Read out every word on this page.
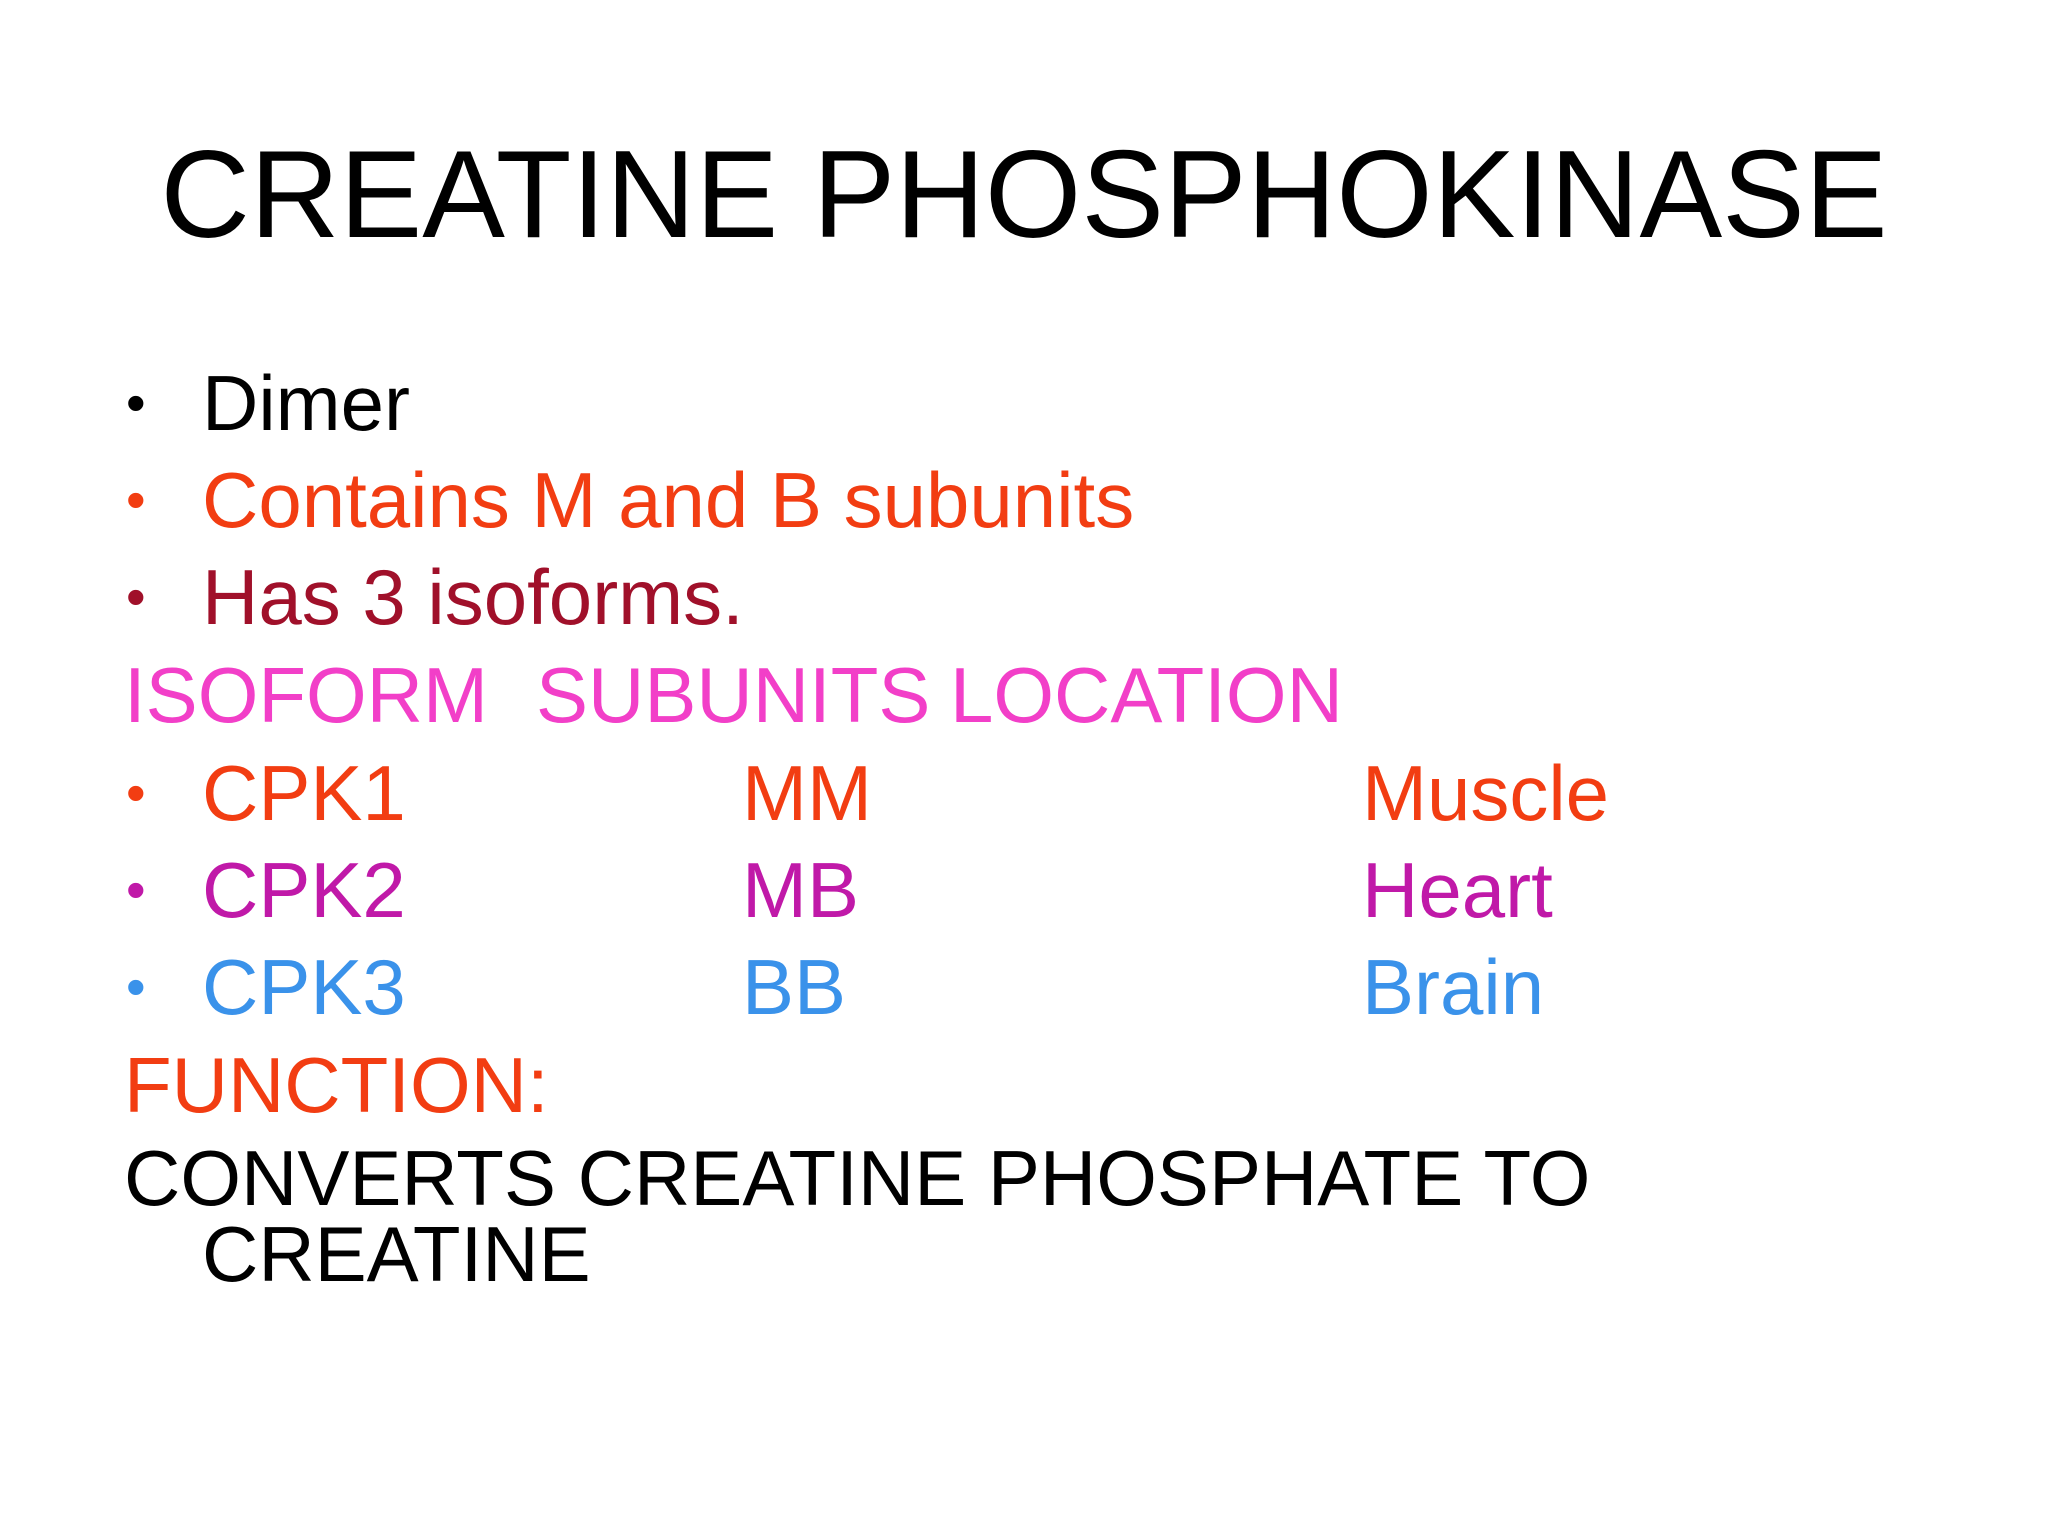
CREATINE PHOSPHOKINASE
• Dimer
• Contains M and B subunits
• Has 3 isoforms.
ISOFORM SUBUNITS LOCATION
• CPK1	MM	Muscle
• CPK2	MB	Heart
• CPK3	BB	Brain
FUNCTION:
CONVERTS CREATINE PHOSPHATE TO
CREATINE
